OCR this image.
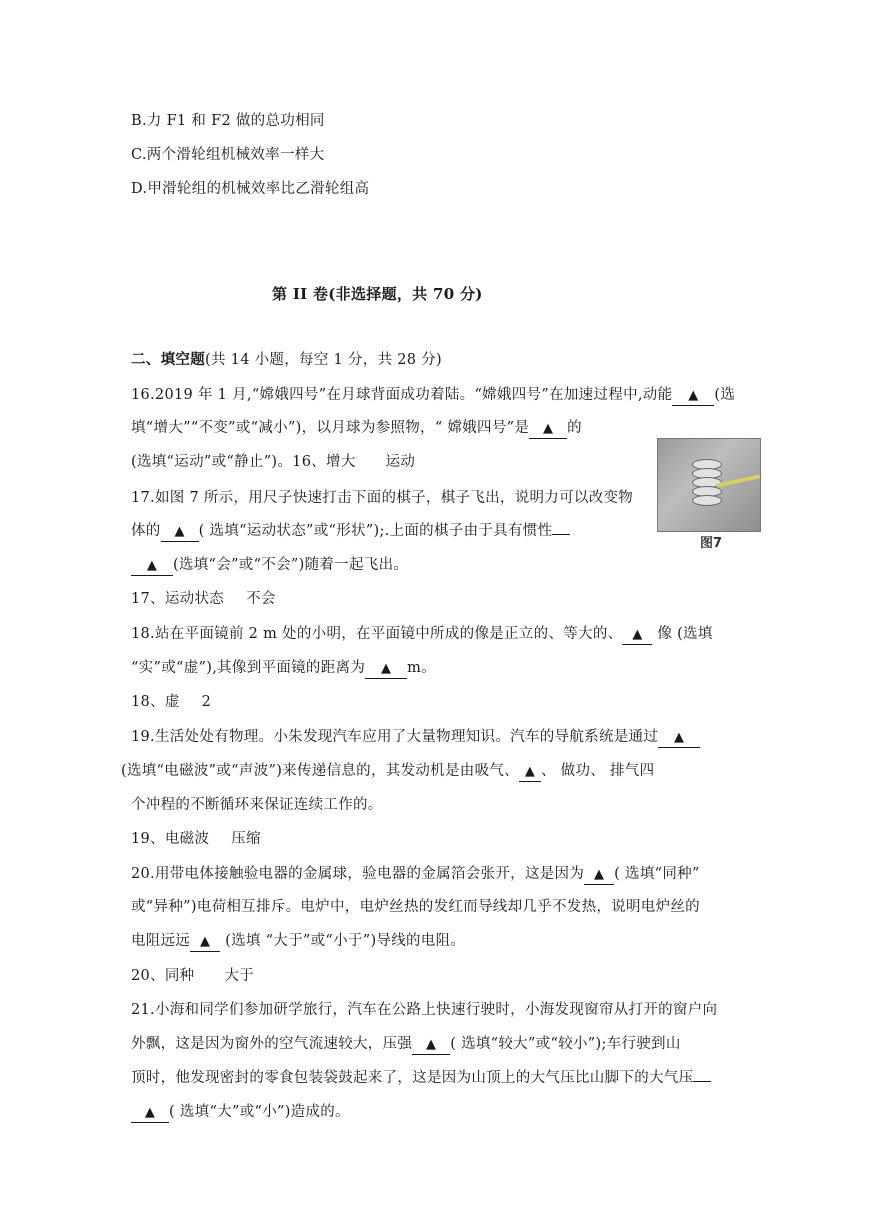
B.力 F1 和 F2 做的总功相同
C.两个滑轮组机械效率一样大
D.甲滑轮组的机械效率比乙滑轮组高
第 II 卷(非选择题，共 70 分)
二、填空题(共 14 小题，每空 1 分，共 28 分)
16.2019 年 1 月,“嫦娥四号”在月球背面成功着陆。“嫦娥四号”在加速过程中,动能 ▲ (选
填“增大”“不变”或“减小”)，以月球为参照物，“ 嫦娥四号”是 ▲ 的
(选填“运动”或“静止”)。16、增大 运动
图7
17.如图 7 所示，用尺子快速打击下面的棋子，棋子飞出，说明力可以改变物
体的 ▲ ( 选填“运动状态”或“形状”);.上面的棋子由于具有惯性
▲ (选填“会”或“不会”)随着一起飞出。
17、运动状态 不会
18.站在平面镜前 2 m 处的小明，在平面镜中所成的像是正立的、等大的、 ▲ 像 (选填
“实”或“虚”),其像到平面镜的距离为 ▲ m。
18、虚 2
19.生活处处有物理。小朱发现汽车应用了大量物理知识。汽车的导航系统是通过 ▲
(选填“电磁波”或“声波”)来传递信息的，其发动机是由吸气、 ▲ 、 做功、 排气四
个冲程的不断循环来保证连续工作的。
19、电磁波 压缩
20.用带电体接触验电器的金属球，验电器的金属箔会张开，这是因为 ▲ ( 选填“同种”
或“异种”)电荷相互排斥。电炉中，电炉丝热的发红而导线却几乎不发热，说明电炉丝的
电阻远远 ▲ (选填 “大于”或“小于”)导线的电阻。
20、同种 大于
21.小海和同学们参加研学旅行，汽车在公路上快速行驶时，小海发现窗帘从打开的窗户向
外飘，这是因为窗外的空气流速较大，压强 ▲ ( 选填“较大”或“较小”);车行驶到山
顶时，他发现密封的零食包装袋鼓起来了，这是因为山顶上的大气压比山脚下的大气压
▲ ( 选填“大”或“小”)造成的。
